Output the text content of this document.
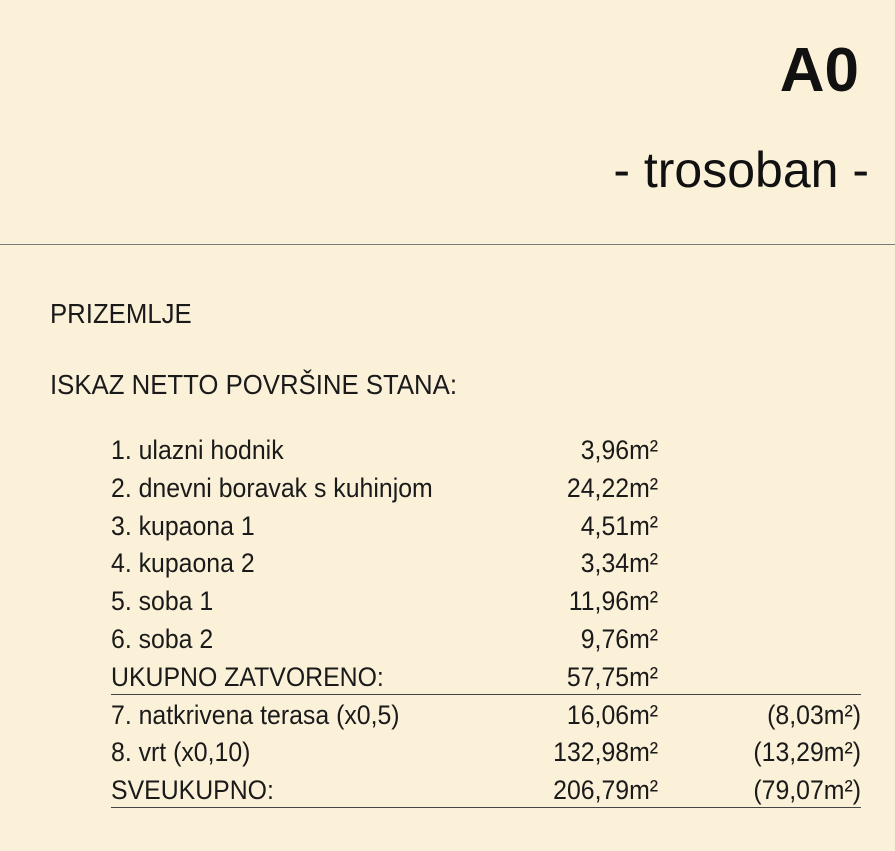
A0
- trosoban -
PRIZEMLJE
ISKAZ NETTO POVRŠINE STANA:
1. ulazni hodnik	3,96m²
2. dnevni boravak s kuhinjom	24,22m²
3. kupaona 1	4,51m²
4. kupaona 2	3,34m²
5. soba 1	11,96m²
6. soba 2	9,76m²
UKUPNO ZATVORENO:	57,75m²
7. natkrivena terasa (x0,5)	16,06m²	(8,03m²)
8. vrt (x0,10)	132,98m²	(13,29m²)
SVEUKUPNO:	206,79m²	(79,07m²)
